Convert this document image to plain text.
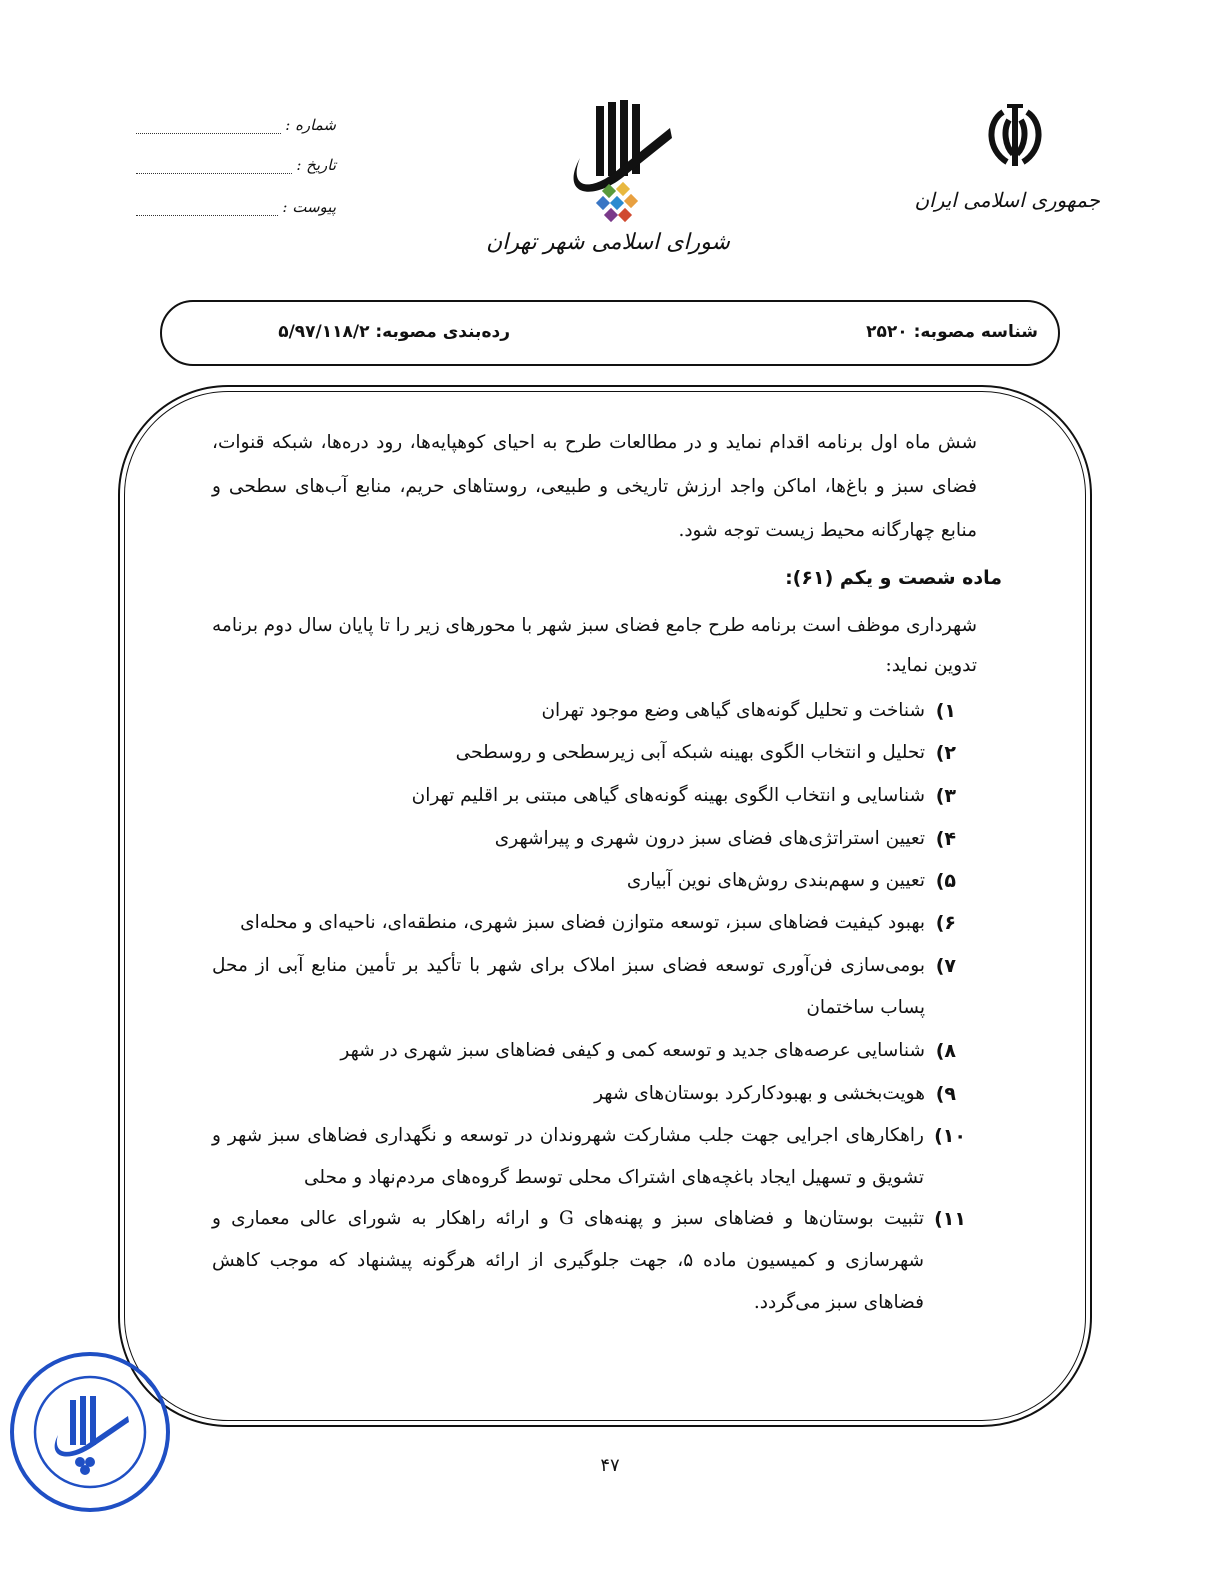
جمهوری اسلامی ایران
شورای اسلامی شهر تهران
شماره :
تاریخ :
پیوست :
شناسه مصوبه: ۲۵۲۰
رده‌بندی مصوبه: ۵/۹۷/۱۱۸/۲
شش ماه اول برنامه اقدام نماید و در مطالعات طرح به احیای کوهپایه‌ها، رود دره‌ها، شبکه قنوات،
فضای سبز و باغ‌ها، اماکن واجد ارزش تاریخی و طبیعی، روستاهای حریم، منابع آب‌های سطحی و
منابع چهارگانه محیط زیست توجه شود.
ماده شصت و یکم (۶۱):
شهرداری موظف است برنامه طرح جامع فضای سبز شهر با محورهای زیر را تا پایان سال دوم برنامه
تدوین نماید:
۱)
شناخت و تحلیل گونه‌های گیاهی وضع موجود تهران
۲)
تحلیل و انتخاب الگوی بهینه شبکه آبی زیرسطحی و روسطحی
۳)
شناسایی و انتخاب الگوی بهینه گونه‌های گیاهی مبتنی بر اقلیم تهران
۴)
تعیین استراتژی‌های فضای سبز درون شهری و پیراشهری
۵)
تعیین و سهم‌بندی روش‌های نوین آبیاری
۶)
بهبود کیفیت فضاهای سبز، توسعه متوازن فضای سبز شهری، منطقه‌ای، ناحیه‌ای و محله‌ای
۷)
بومی‌سازی فن‌آوری توسعه فضای سبز املاک برای شهر با تأکید بر تأمین منابع آبی از محل
پساب ساختمان
۸)
شناسایی عرصه‌های جدید و توسعه کمی و کیفی فضاهای سبز شهری در شهر
۹)
هویت‌بخشی و بهبودکارکرد بوستان‌های شهر
۱۰)
راهکارهای اجرایی جهت جلب مشارکت شهروندان در توسعه و نگهداری فضاهای سبز شهر و
تشویق و تسهیل ایجاد باغچه‌های اشتراک محلی توسط گروه‌های مردم‌نهاد و محلی
۱۱)
تثبیت بوستان‌ها و فضاهای سبز و پهنه‌های G و ارائه راهکار به شورای عالی معماری و
شهرسازی و کمیسیون ماده ۵، جهت جلوگیری از ارائه هرگونه پیشنهاد که موجب کاهش
فضاهای سبز می‌گردد.
۴۷
